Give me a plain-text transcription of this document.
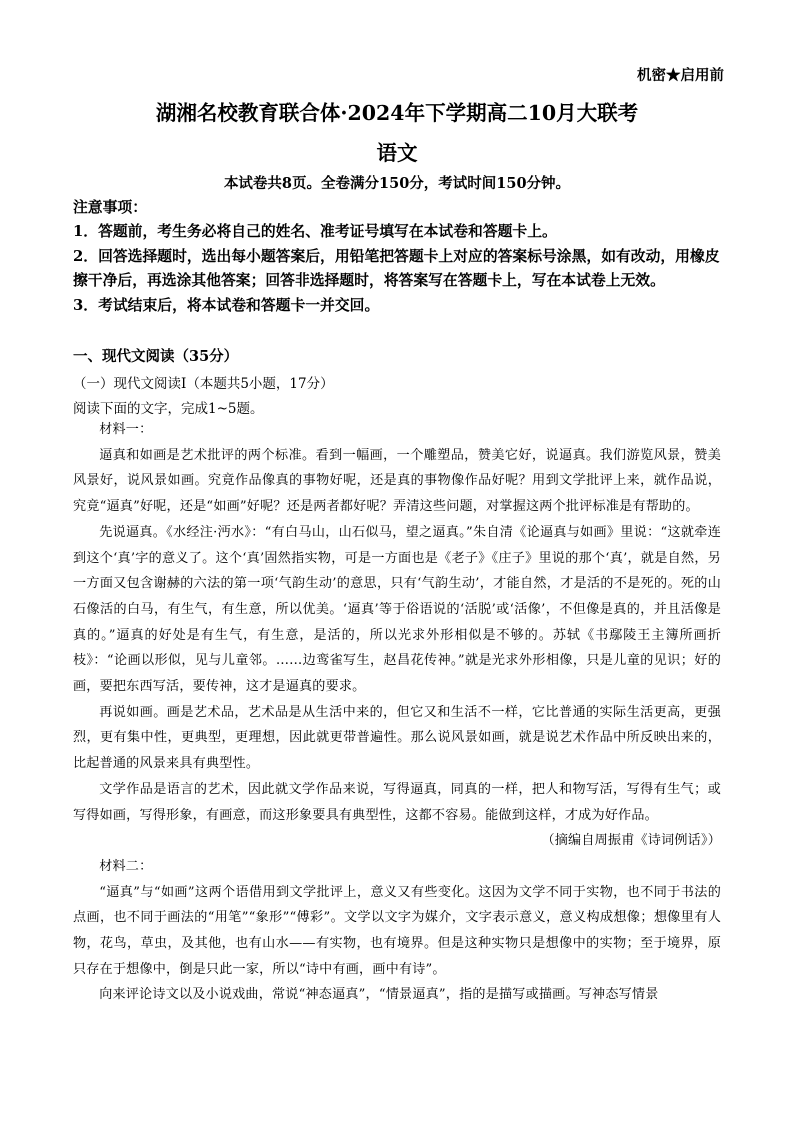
机密★启用前
湖湘名校教育联合体·2024年下学期高二10月大联考
语文
本试卷共8页。全卷满分150分，考试时间150分钟。

注意事项：

1．答题前，考生务必将自己的姓名、准考证号填写在本试卷和答题卡上。

2．回答选择题时，选出每小题答案后，用铅笔把答题卡上对应的答案标号涂黑，如有改动，用橡皮擦干净后，再选涂其他答案；回答非选择题时，将答案写在答题卡上，写在本试卷上无效。

3．考试结束后，将本试卷和答题卡一并交回。

一、现代文阅读（35分）
（一）现代文阅读Ⅰ（本题共5小题，17分）
阅读下面的文字，完成1~5题。

材料一：

逼真和如画是艺术批评的两个标准。看到一幅画，一个雕塑品，赞美它好，说逼真。我们游览风景，赞美风景好，说风景如画。究竟作品像真的事物好呢，还是真的事物像作品好呢？用到文学批评上来，就作品说，究竟“逼真”好呢，还是“如画”好呢？还是两者都好呢？弄清这些问题，对掌握这两个批评标准是有帮助的。

先说逼真。《水经注·沔水》：“有白马山，山石似马，望之逼真。”朱自清《论逼真与如画》里说：“这就牵连到这个‘真’字的意义了。这个‘真’固然指实物，可是一方面也是《老子》《庄子》里说的那个‘真’，就是自然，另一方面又包含谢赫的六法的第一项‘气韵生动’的意思，只有‘气韵生动’，才能自然，才是活的不是死的。死的山石像活的白马，有生气，有生意，所以优美。‘逼真’等于俗语说的‘活脱’或‘活像’，不但像是真的，并且活像是真的。”逼真的好处是有生气，有生意，是活的，所以光求外形相似是不够的。苏轼《书鄢陵王主簿所画折枝》：“论画以形似，见与儿童邻。……边鸾雀写生，赵昌花传神。”就是光求外形相像，只是儿童的见识；好的画，要把东西写活，要传神，这才是逼真的要求。

再说如画。画是艺术品，艺术品是从生活中来的，但它又和生活不一样，它比普通的实际生活更高，更强烈，更有集中性，更典型，更理想，因此就更带普遍性。那么说风景如画，就是说艺术作品中所反映出来的，比起普通的风景来具有典型性。

文学作品是语言的艺术，因此就文学作品来说，写得逼真，同真的一样，把人和物写活，写得有生气；或写得如画，写得形象，有画意，而这形象要具有典型性，这都不容易。能做到这样，才成为好作品。

（摘编自周振甫《诗词例话》）

材料二：

“逼真”与“如画”这两个语借用到文学批评上，意义又有些变化。这因为文学不同于实物，也不同于书法的点画，也不同于画法的“用笔”“象形”“傅彩”。文学以文字为媒介，文字表示意义，意义构成想像；想像里有人物，花鸟，草虫，及其他，也有山水——有实物，也有境界。但是这种实物只是想像中的实物；至于境界，原只存在于想像中，倒是只此一家，所以“诗中有画，画中有诗”。

向来评论诗文以及小说戏曲，常说“神态逼真”，“情景逼真”，指的是描写或描画。写神态写情景
